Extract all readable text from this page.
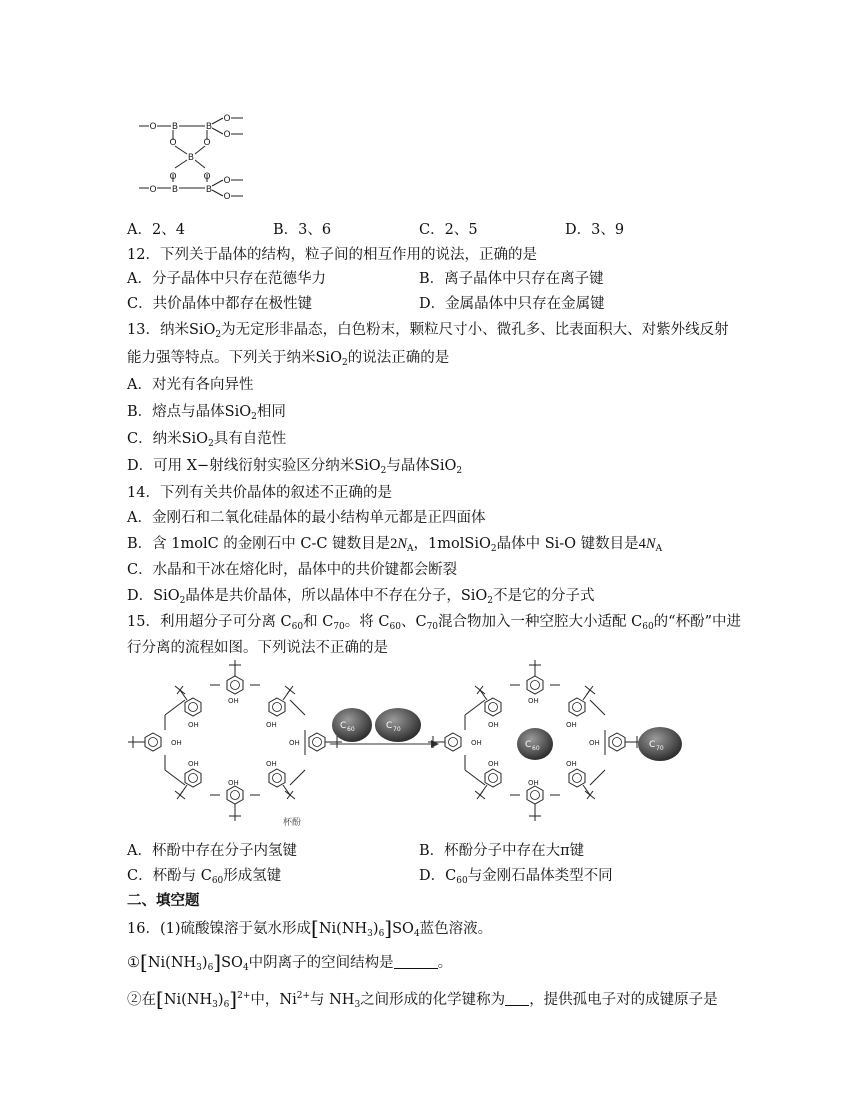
O B
O	O
B
O	O
B
O
B
B
O
O
O
O
A．2、4	B．3、6	C．2、5	D．3、9
12．下列关于晶体的结构，粒子间的相互作用的说法，正确的是
A．分子晶体中只存在范德华力	B．离子晶体中只存在离子键
C．共价晶体中都存在极性键	D．金属晶体中只存在金属键
13．纳米SiO$_2$为无定形非晶态，白色粉末，颗粒尺寸小、微孔多、比表面积大、对紫外线反射
能力强等特点。下列关于纳米SiO$_2$的说法正确的是
A．对光有各向异性
B．熔点与晶体SiO$_2$相同
C．纳米SiO$_2$具有自范性
D．可用 X−射线衍射实验区分纳米SiO$_2$与晶体SiO$_2$
14．下列有关共价晶体的叙述不正确的是
A．金刚石和二氧化硅晶体的最小结构单元都是正四面体
B．含 1molC 的金刚石中 C-C 键数目是$2N_A$，1molSiO$_2$晶体中 Si-O 键数目是$4N_A$
C．水晶和干冰在熔化时，晶体中的共价键都会断裂
D．SiO$_2$晶体是共价晶体，所以晶体中不存在分子，SiO$_2$不是它的分子式
15．利用超分子可分离 $C_{60}$和 $C_{70}$。将 $C_{60}$、$C_{70}$混合物加入一种空腔大小适配 $C_{60}$的“杯酚”中进
行分离的流程如图。下列说法不正确的是
OH
OH	OH
OH	OH
OH	OH
OH
杯酚
C 60	C 70
OH
OH	OH
OH	OH
OH	OH
OH
C 60	C 70
A．杯酚中存在分子内氢键	B．杯酚分子中存在大π键
C．杯酚与 $C_{60}$形成氢键	D．$C_{60}$与金刚石晶体类型不同
二、填空题
16．(1)硫酸镍溶于氨水形成$[Ni(NH_3)_6]SO_4$蓝色溶液。
$①[Ni(NH_3)_6]SO_4$中阴离子的空间结构是	。
②在$[Ni(NH_3)_6]^{2+}$中，$Ni^{2+}$与 $NH_3$之间形成的化学键称为 ，提供孤电子对的成键原子是
